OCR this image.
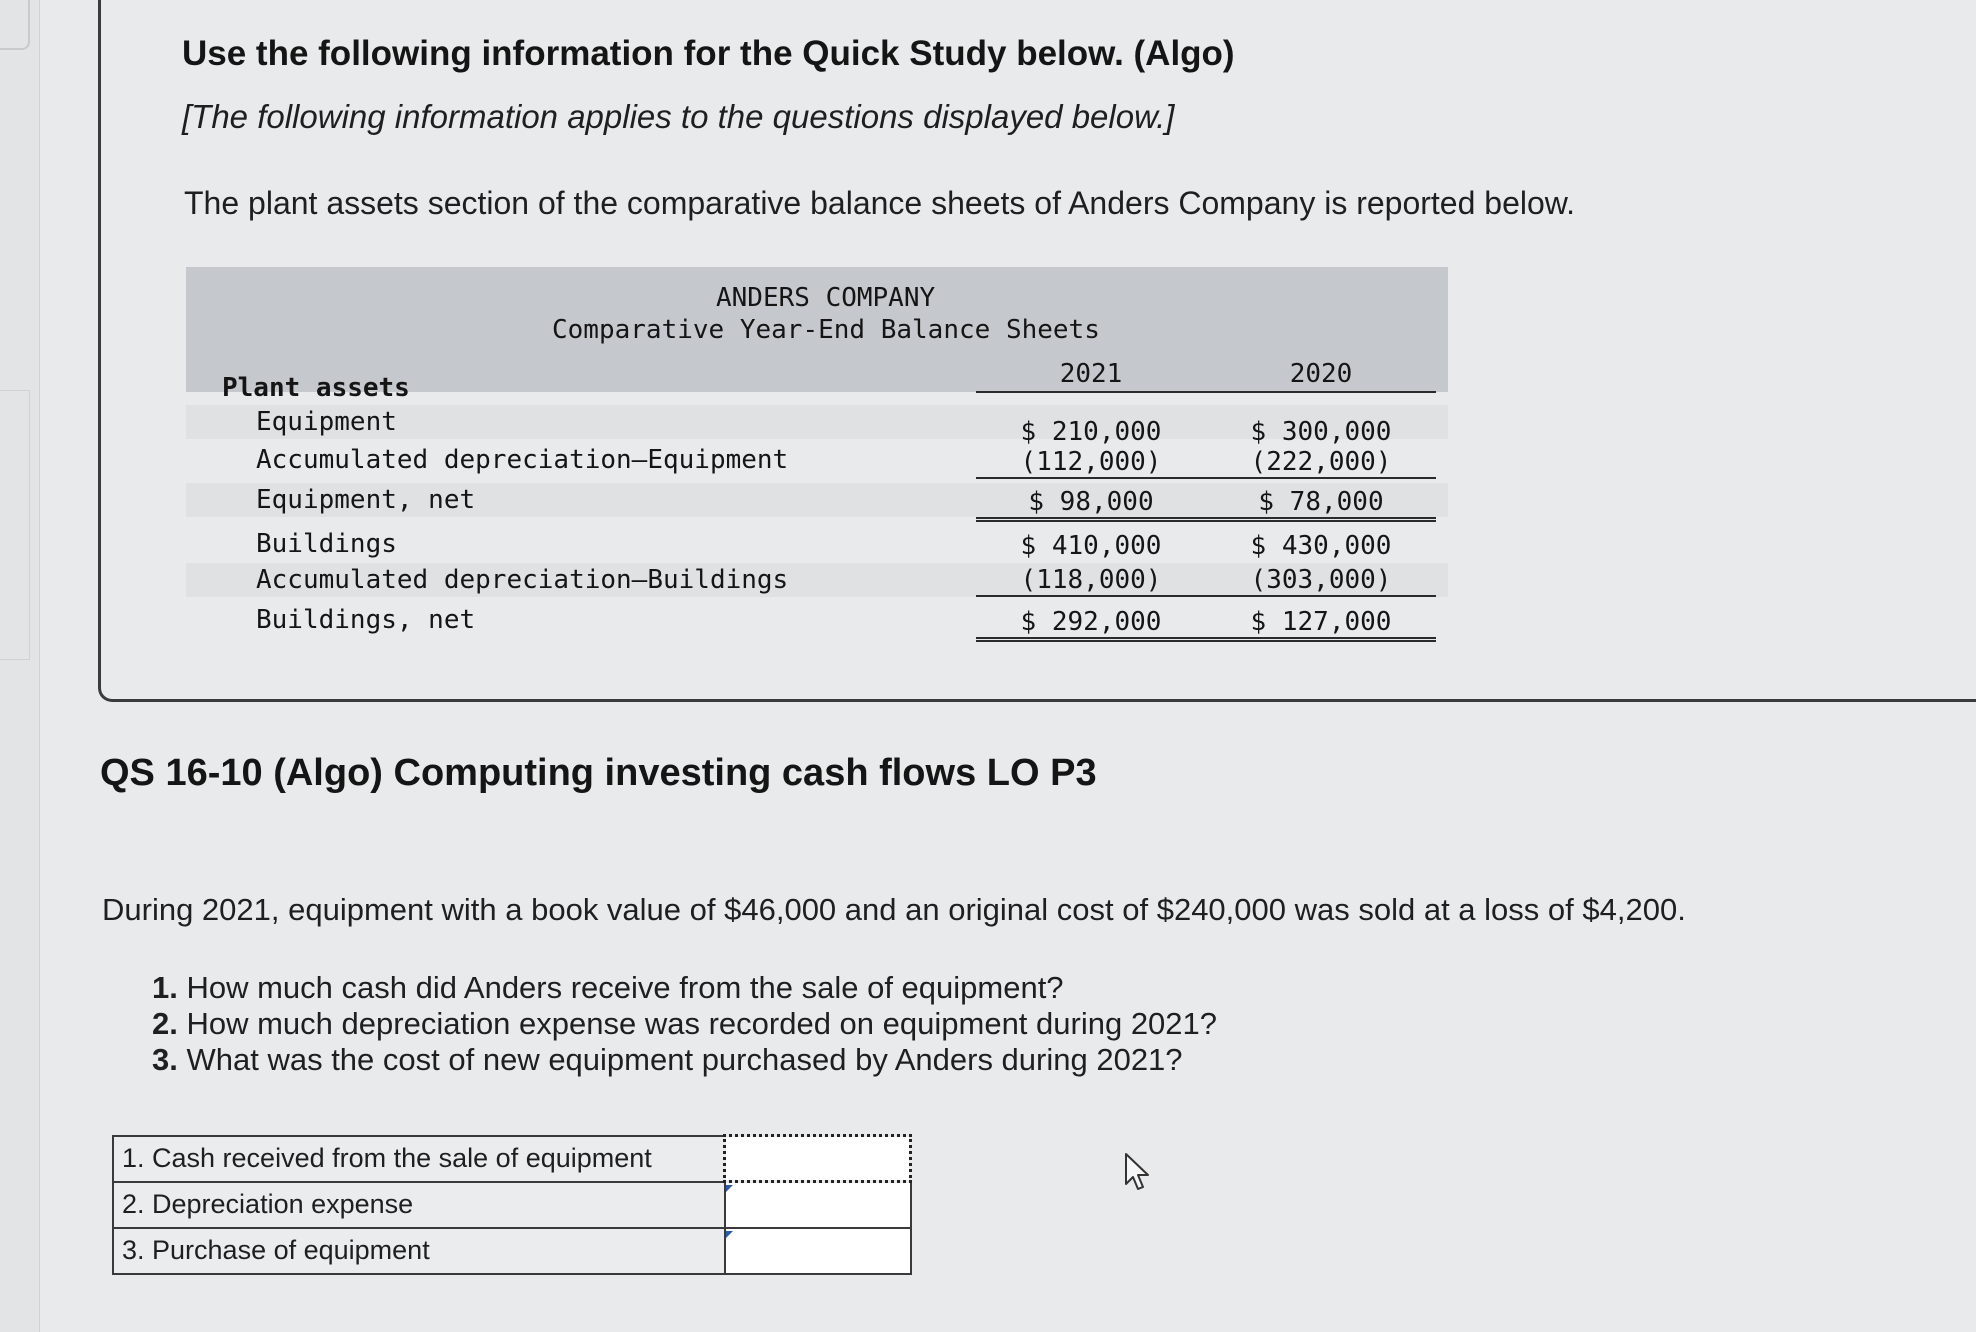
Use the following information for the Quick Study below. (Algo)
[The following information applies to the questions displayed below.]
The plant assets section of the comparative balance sheets of Anders Company is reported below.
ANDERS COMPANY
Comparative Year-End Balance Sheets
2021	2020
Plant assets
Equipment	$ 210,000	$ 300,000
Accumulated depreciation—Equipment	(112,000)	(222,000)
Equipment, net	$ 98,000	$ 78,000
Buildings	$ 410,000	$ 430,000
Accumulated depreciation—Buildings	(118,000)	(303,000)
Buildings, net	$ 292,000	$ 127,000
QS 16-10 (Algo) Computing investing cash flows LO P3
During 2021, equipment with a book value of $46,000 and an original cost of $240,000 was sold at a loss of $4,200.
1. How much cash did Anders receive from the sale of equipment?
2. How much depreciation expense was recorded on equipment during 2021?
3. What was the cost of new equipment purchased by Anders during 2021?
1. Cash received from the sale of equipment	
2. Depreciation expense	

3. Purchase of equipment	
